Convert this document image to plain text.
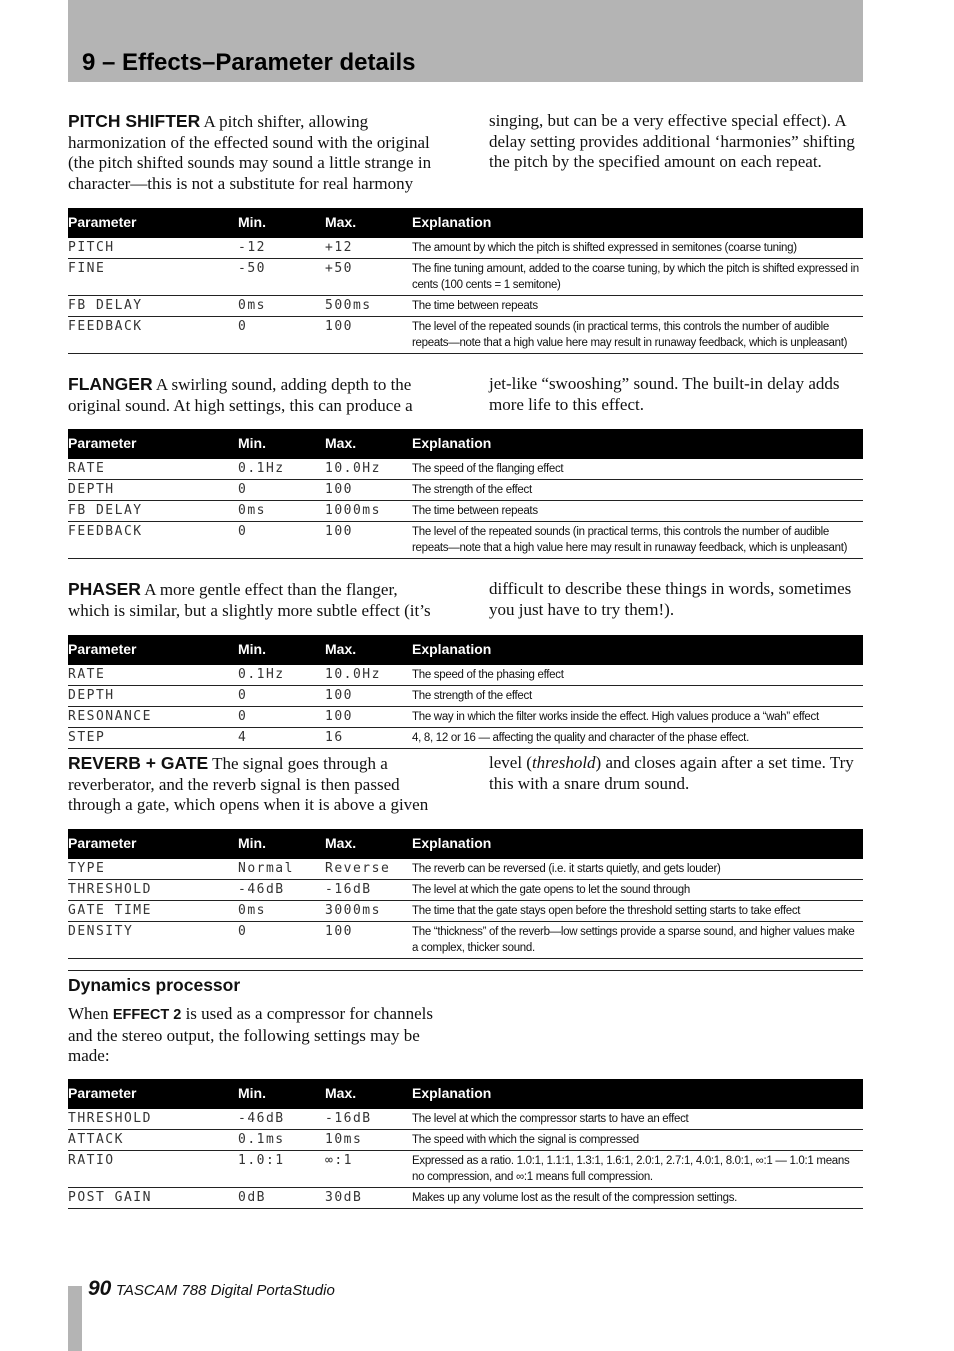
9 – Effects–Parameter details
PITCH SHIFTER A pitch shifter, allowing harmonization of the effected sound with the original (the pitch shifted sounds may sound a little strange in character—this is not a substitute for real harmony
singing, but can be a very effective special effect). A delay setting provides additional ‘harmonies” shifting the pitch by the specified amount on each repeat.
Parameter	Min.	Max.	Explanation
PITCH	-12	+12	The amount by which the pitch is shifted expressed in semitones (coarse tuning)
FINE	-50	+50	The fine tuning amount, added to the coarse tuning, by which the pitch is shifted expressed in cents (100 cents = 1 semitone)
FB DELAY	0ms	500ms	The time between repeats
FEEDBACK	0	100	The level of the repeated sounds (in practical terms, this controls the number of audible repeats—note that a high value here may result in runaway feedback, which is unpleasant)
FLANGER A swirling sound, adding depth to the original sound. At high settings, this can produce a
jet-like “swooshing” sound. The built-in delay adds more life to this effect.
Parameter	Min.	Max.	Explanation
RATE	0.1Hz	10.0Hz	The speed of the flanging effect
DEPTH	0	100	The strength of the effect
FB DELAY	0ms	1000ms	The time between repeats
FEEDBACK	0	100	The level of the repeated sounds (in practical terms, this controls the number of audible repeats—note that a high value here may result in runaway feedback, which is unpleasant)
PHASER A more gentle effect than the flanger, which is similar, but a slightly more subtle effect (it’s
difficult to describe these things in words, sometimes you just have to try them!).
Parameter	Min.	Max.	Explanation
RATE	0.1Hz	10.0Hz	The speed of the phasing effect
DEPTH	0	100	The strength of the effect
RESONANCE	0	100	The way in which the filter works inside the effect. High values produce a “wah” effect
STEP	4	16	4, 8, 12 or 16 — affecting the quality and character of the phase effect.
REVERB + GATE The signal goes through a reverberator, and the reverb signal is then passed through a gate, which opens when it is above a given
level (threshold) and closes again after a set time. Try this with a snare drum sound.
Parameter	Min.	Max.	Explanation
TYPE	Normal	Reverse	The reverb can be reversed (i.e. it starts quietly, and gets louder)
THRESHOLD	-46dB	-16dB	The level at which the gate opens to let the sound through
GATE TIME	0ms	3000ms	The time that the gate stays open before the threshold setting starts to take effect
DENSITY	0	100	The “thickness” of the reverb—low settings provide a sparse sound, and higher values make a complex, thicker sound.
Dynamics processor
When EFFECT 2 is used as a compressor for channels and the stereo output, the following settings may be made:
Parameter	Min.	Max.	Explanation
THRESHOLD	-46dB	-16dB	The level at which the compressor starts to have an effect
ATTACK	0.1ms	10ms	The speed with which the signal is compressed
RATIO	1.0:1	∞:1	Expressed as a ratio. 1.0:1, 1.1:1, 1.3:1, 1.6:1, 2.0:1, 2.7:1, 4.0:1, 8.0:1, ∞:1 — 1.0:1 means no compression, and ∞:1 means full compression.
POST GAIN	0dB	30dB	Makes up any volume lost as the result of the compression settings.
90 TASCAM 788 Digital PortaStudio
